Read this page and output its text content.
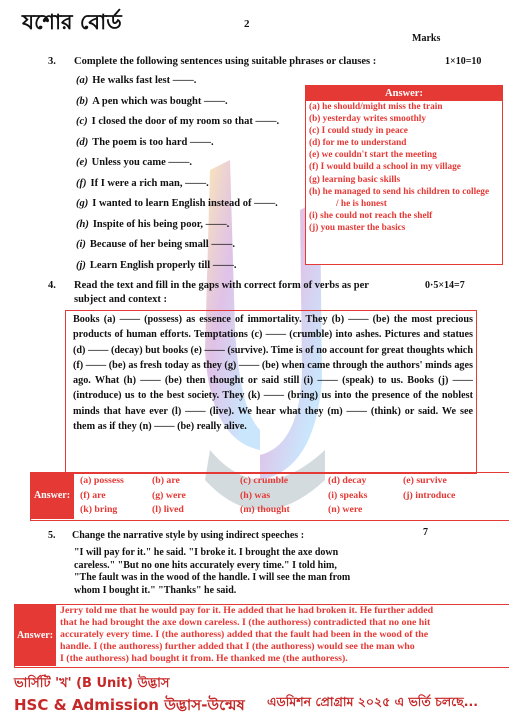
যশোর বোর্ড	2
Marks
3. Complete the following sentences using suitable phrases or clauses :	1×10=10
(a) He walks fast lest ——.
(b) A pen which was bought ——.
(c) I closed the door of my room so that ——.
(d) The poem is too hard ——.
(e) Unless you came ——.
(f) If I were a rich man, ——.
(g) I wanted to learn English instead of ——.
(h) Inspite of his being poor, ——.
(i) Because of her being small ——.
(j) Learn English properly till ——.
Answer:
(a) he should/might miss the train
(b) yesterday writes smoothly
(c) I could study in peace
(d) for me to understand
(e) we couldn't start the meeting
(f) I would build a school in my village
(g) learning basic skills
(h) he managed to send his children to college
/ he is honest
(i) she could not reach the shelf
(j) you master the basics
4. Read the text and fill in the gaps with correct form of verbs as per	0·5×14=7
subject and context :
Books (a) —— (possess) as essence of immortality. They (b) —— (be) the most precious products of human efforts. Temptations (c) —— (crumble) into ashes. Pictures and statues (d) —— (decay) but books (e) —— (survive). Time is of no account for great thoughts which (f) —— (be) as fresh today as they (g) —— (be) when came through the authors' minds ages ago. What (h) —— (be) then thought or said still (i) —— (speak) to us. Books (j) —— (introduce) us to the best society. They (k) —— (bring) us into the presence of the noblest minds that have ever (l) —— (live). We hear what they (m) —— (think) or said. We see them as if they (n) —— (be) really alive.
Answer:
(a) possess	(b) are	(c) crumble	(d) decay	(e) survive
(f) are	(g) were	(h) was	(i) speaks	(j) introduce
(k) bring	(l) lived	(m) thought	(n) were
5. Change the narrative style by using indirect speeches :	7
"I will pay for it." he said. "I broke it. I brought the axe down
careless." "But no one hits accurately every time." I told him,
"The fault was in the wood of the handle. I will see the man from
whom I bought it." "Thanks" he said.
Answer:
Jerry told me that he would pay for it. He added that he had broken it. He further added
that he had brought the axe down careless. I (the authoress) contradicted that no one hit
accurately every time. I (the authoress) added that the fault had been in the wood of the
handle. I (the authoress) further added that I (the authoress) would see the man who
I (the authoress) had bought it from. He thanked me (the authoress).
ভার্সিটি 'খ' (B Unit) উদ্ভাস
HSC & Admission উদ্ভাস-উন্মেষ এডমিশন প্রোগ্রাম ২০২৫ এ ভর্তি চলছে...
